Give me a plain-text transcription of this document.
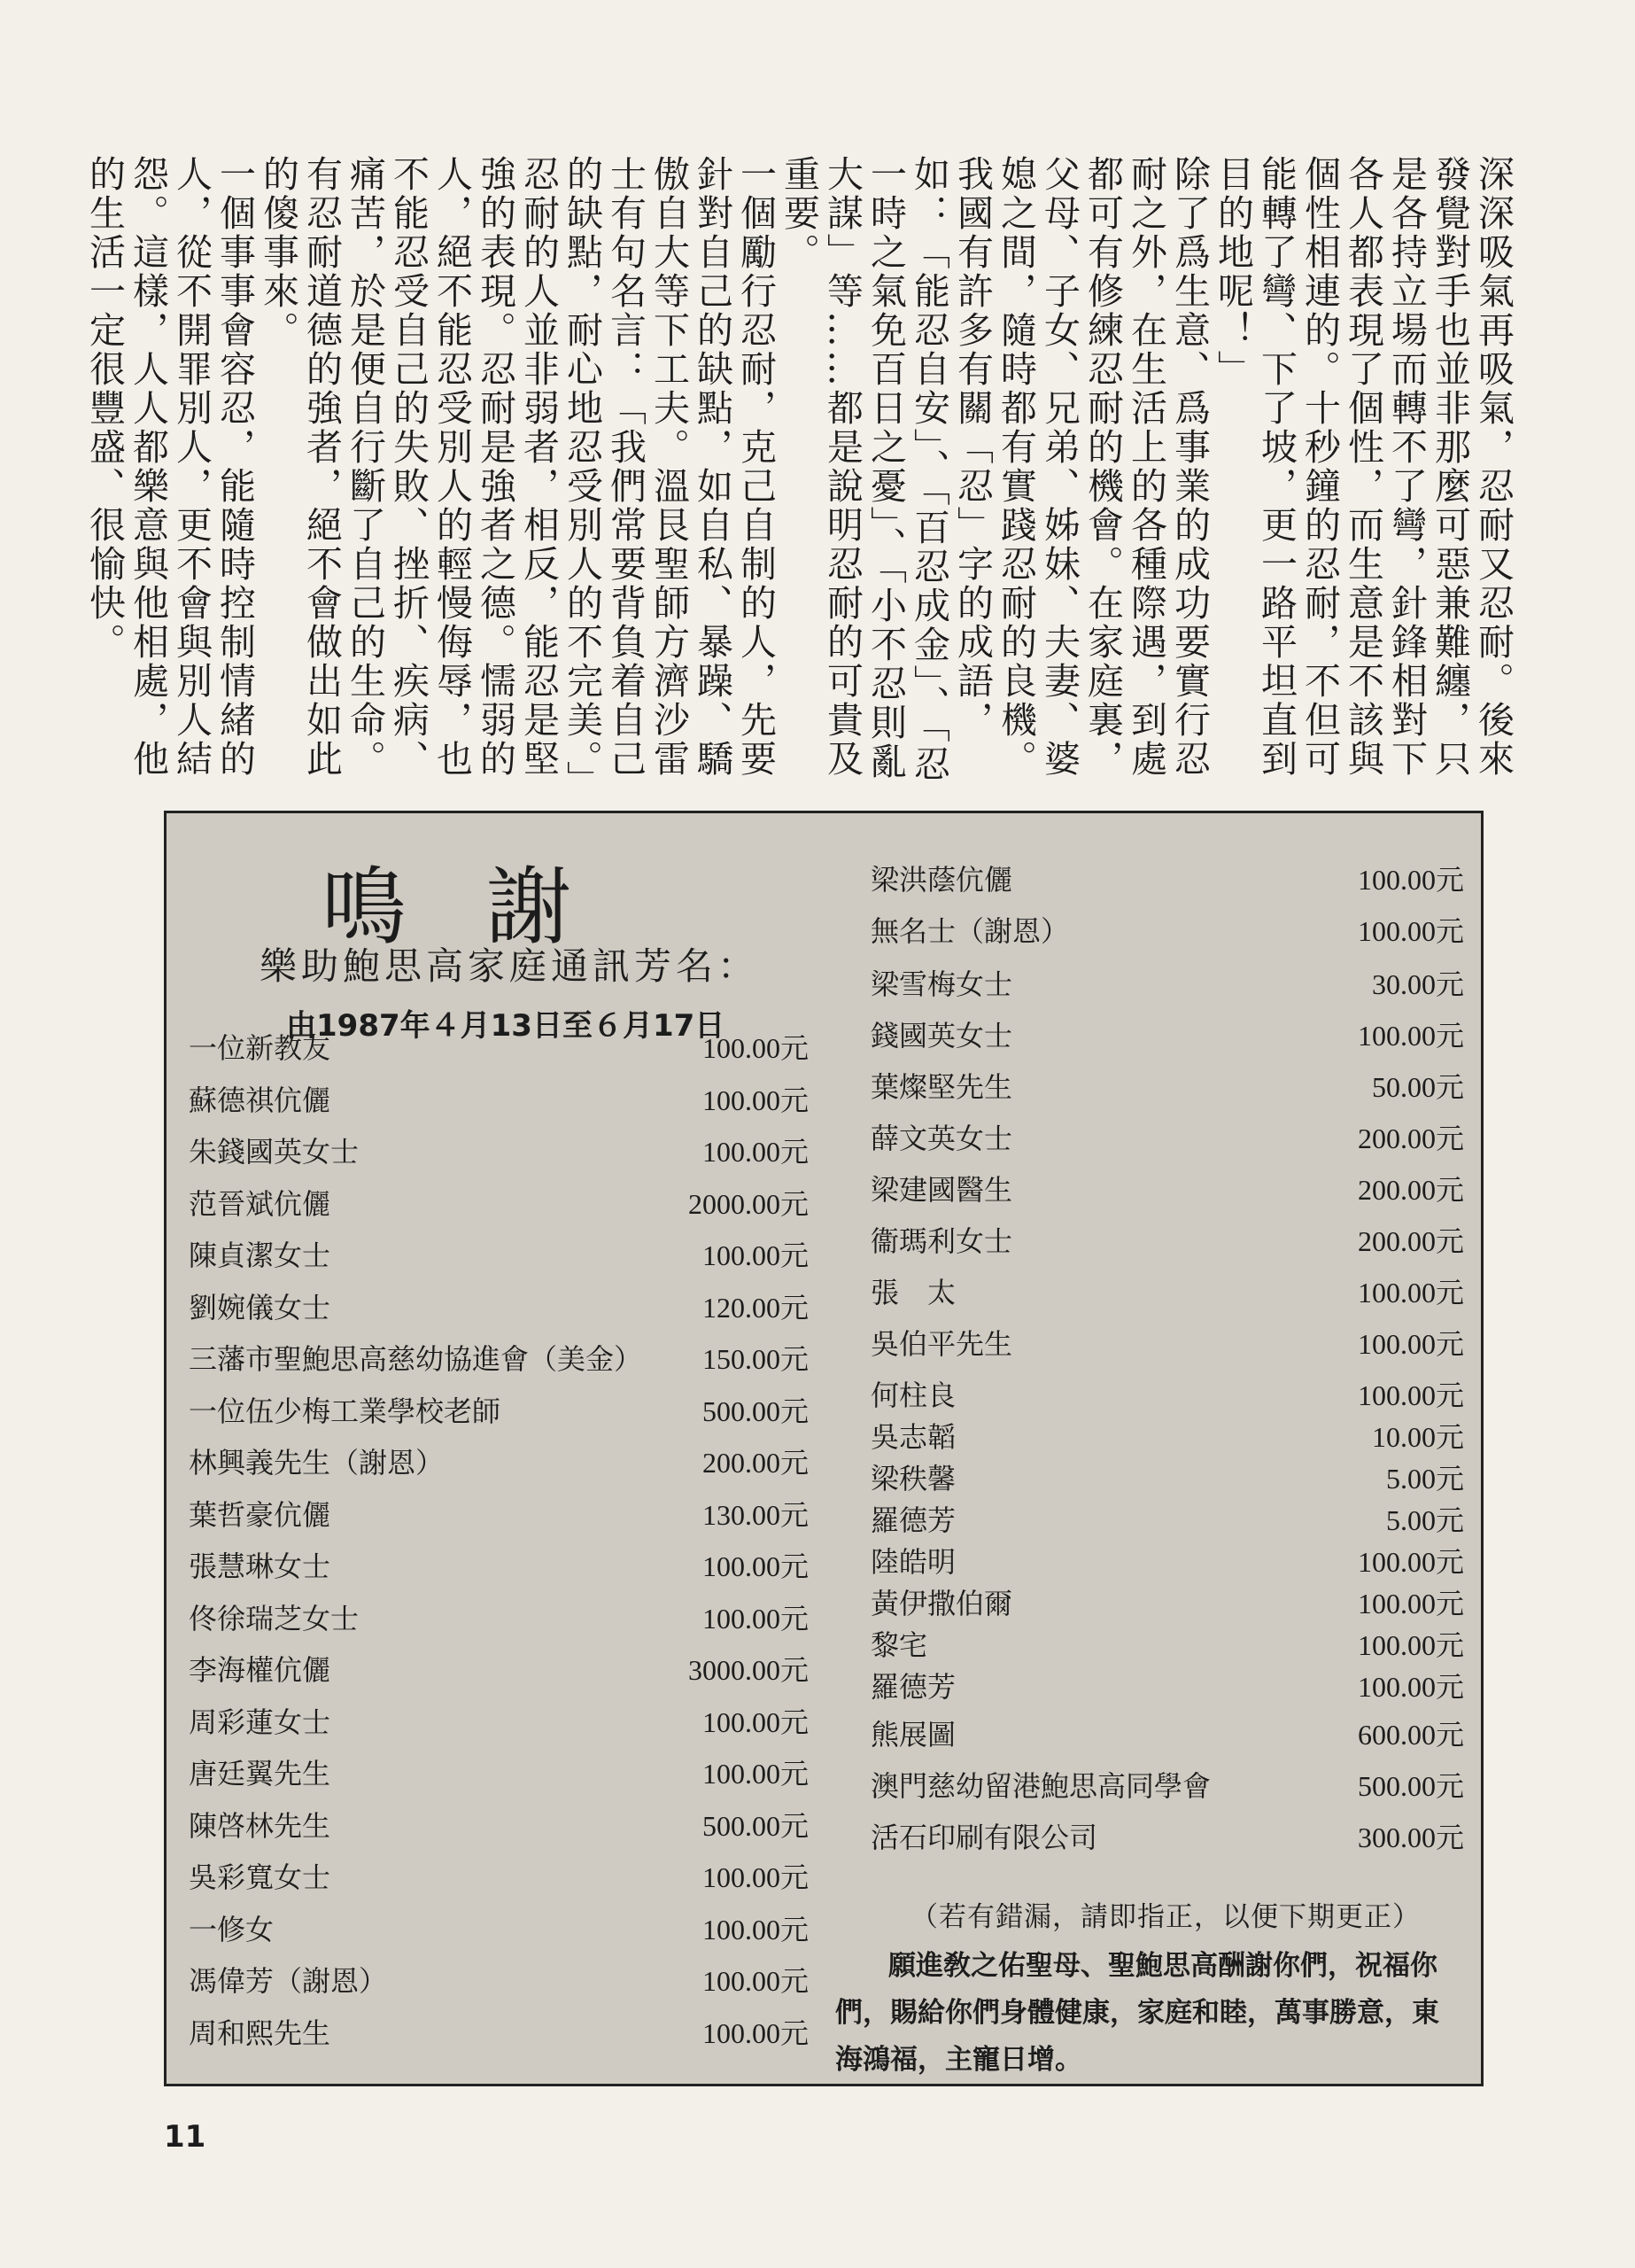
深深吸氣再吸氣，忍耐又忍耐。後來發覺對手也並非那麼可惡兼難纏，只是各持立場而轉不了彎，針鋒相對下各人都表現了個性，而生意是不該與個性相連的。十秒鐘的忍耐，不但可能轉了彎、下了坡，更一路平坦直到目的地呢！」

除了爲生意、爲事業的成功要實行忍耐之外，在生活上的各種際遇，到處都可有修練忍耐的機會。在家庭裏，父母、子女、兄弟、姊妹、夫妻、婆媳之間，隨時都有實踐忍耐的良機。

我國有許多有關「忍」字的成語，如：「能忍自安」、「百忍成金」、「忍一時之氣免百日之憂」、「小不忍則亂大謀」等……都是說明忍耐的可貴及重要。

一個勵行忍耐，克己自制的人，先要針對自己的缺點，如自私、暴躁、驕傲自大等下工夫。溫艮聖師方濟沙雷士有句名言：「我們常要背負着自己的缺點，耐心地忍受別人的不完美。」

忍耐的人並非弱者，相反，能忍是堅強的表現。忍耐是強者之德。懦弱的人，絕不能忍受別人的輕慢侮辱，也不能忍受自己的失敗、挫折、疾病、痛苦，於是便自行斷了自己的生命。有忍耐道德的強者，絕不會做出如此的傻事來。

一個事事會容忍，能隨時控制情緒的人，從不開罪別人，更不會與別人結怨。這樣，人人都樂意與他相處，他的生活一定很豐盛、很愉快。

鳴謝
樂助鮑思高家庭通訊芳名：
由1987年４月13日至６月17日
一位新教友	100.00元
蘇德祺伉儷	100.00元
朱錢國英女士	100.00元
范晉斌伉儷	2000.00元
陳貞潔女士	100.00元
劉婉儀女士	120.00元
三藩市聖鮑思高慈幼協進會（美金） 150.00元
一位伍少梅工業學校老師	500.00元
林興義先生（謝恩）	200.00元
葉哲豪伉儷	130.00元
張慧琳女士	100.00元
佟徐瑞芝女士	100.00元
李海權伉儷	3000.00元
周彩蓮女士	100.00元
唐廷翼先生	100.00元
陳啓林先生	500.00元
吳彩寬女士	100.00元
一修女	100.00元
馮偉芳（謝恩）	100.00元
周和熙先生	100.00元
梁洪蔭伉儷	100.00元
無名士（謝恩）	100.00元
梁雪梅女士	30.00元
錢國英女士	100.00元
葉燦堅先生	50.00元
薛文英女士	200.00元
梁建國醫生	200.00元
衞瑪利女士	200.00元
張　太	100.00元
吳伯平先生	100.00元
何柱良	100.00元
吳志韜	10.00元
梁秩馨	5.00元
羅德芳	5.00元
陸皓明	100.00元
黃伊撒伯爾	100.00元
黎宅	100.00元
羅德芳	100.00元
熊展圖	600.00元
澳門慈幼留港鮑思高同學會	500.00元
活石印刷有限公司	300.00元
（若有錯漏，請即指正，以便下期更正）
願進敎之佑聖母、聖鮑思高酬謝你們，祝福你們，賜給你們身體健康，家庭和睦，萬事勝意，東海鴻福，主寵日增。
11
